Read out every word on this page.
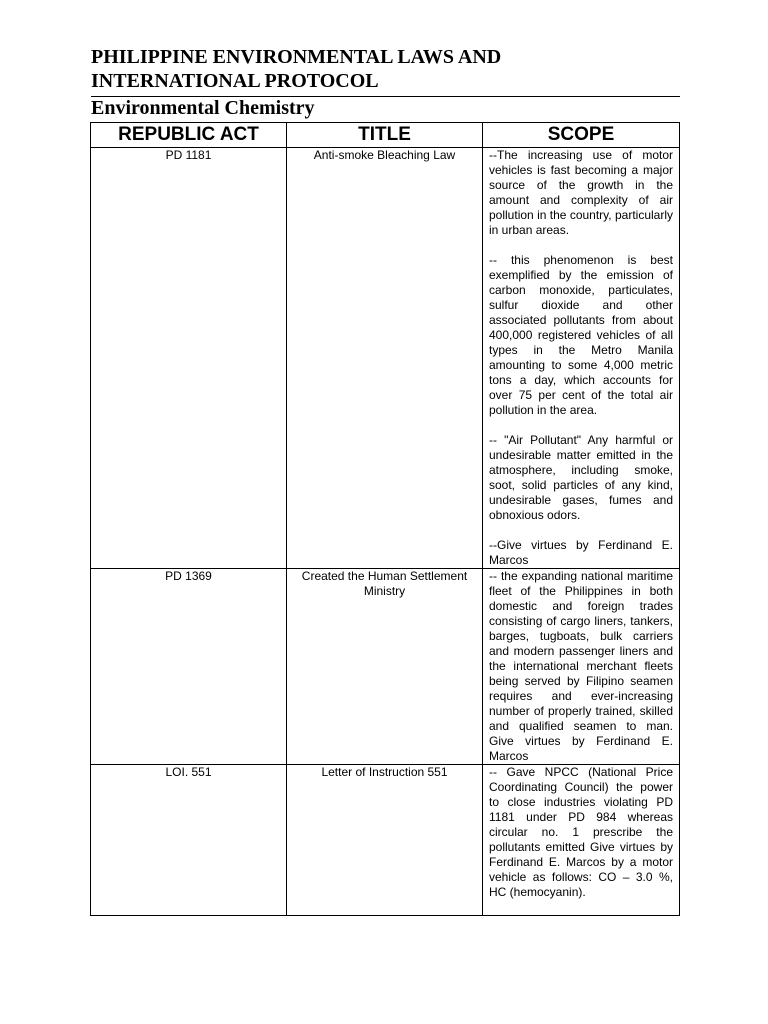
PHILIPPINE ENVIRONMENTAL LAWS AND
INTERNATIONAL PROTOCOL
Environmental Chemistry
REPUBLIC ACT	TITLE	SCOPE
PD 1181	Anti-smoke Bleaching Law	--The increasing use of motor vehicles is fast becoming a major source of the growth in the amount and complexity of air pollution in the country, particularly in urban areas.

-- this phenomenon is best exemplified by the emission of carbon monoxide, particulates, sulfur dioxide and other associated pollutants from about 400,000 registered vehicles of all types in the Metro Manila amounting to some 4,000 metric tons a day, which accounts for over 75 per cent of the total air pollution in the area.

-- "Air Pollutant" Any harmful or undesirable matter emitted in the atmosphere, including smoke, soot, solid particles of any kind, undesirable gases, fumes and obnoxious odors.

--Give virtues by Ferdinand E. Marcos

PD 1369	Created the Human Settlement Ministry	-- the expanding national maritime fleet of the Philippines in both domestic and foreign trades consisting of cargo liners, tankers, barges, tugboats, bulk carriers and modern passenger liners and the international merchant fleets being served by Filipino seamen requires and ever-increasing number of properly trained, skilled and qualified seamen to man. Give virtues by Ferdinand E. Marcos

LOI. 551	Letter of Instruction 551	-- Gave NPCC (National Price Coordinating Council) the power to close industries violating PD 1181 under PD 984 whereas circular no. 1 prescribe the pollutants emitted Give virtues by Ferdinand E. Marcos by a motor vehicle as follows: CO – 3.0 %, HC (hemocyanin).
